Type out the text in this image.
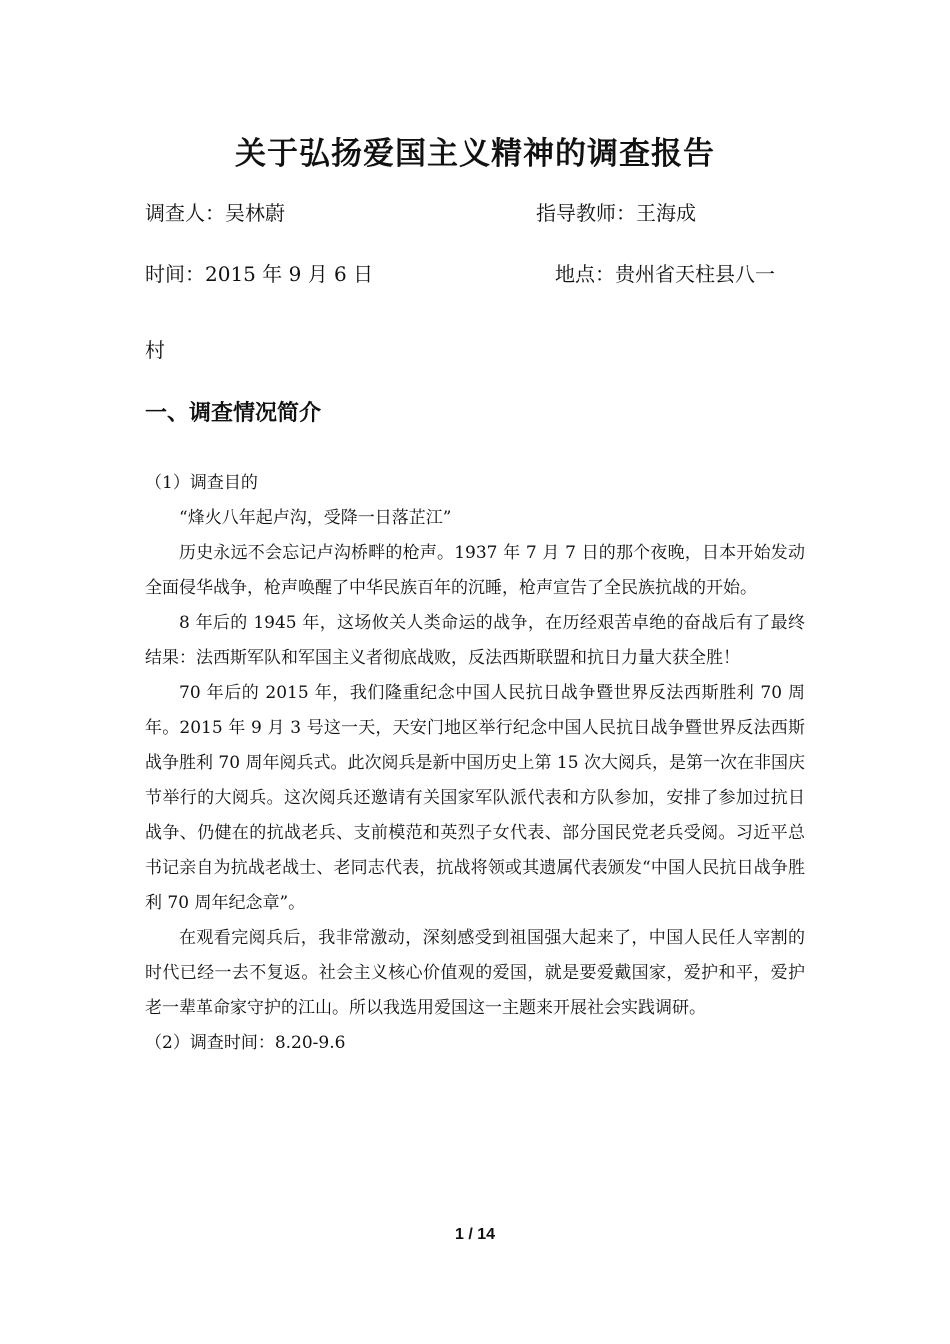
关于弘扬爱国主义精神的调查报告
调查人：吴林蔚	指导教师：王海成
时间：2015 年 9 月 6 日	地点：贵州省天柱县八一
村
一、调查情况简介

（1）调查目的

“烽火八年起卢沟，受降一日落芷江”

历史永远不会忘记卢沟桥畔的枪声。1937 年 7 月 7 日的那个夜晚，日本开始发动全面侵华战争，枪声唤醒了中华民族百年的沉睡，枪声宣告了全民族抗战的开始。

8 年后的 1945 年，这场攸关人类命运的战争，在历经艰苦卓绝的奋战后有了最终结果：法西斯军队和军国主义者彻底战败，反法西斯联盟和抗日力量大获全胜！

70 年后的 2015 年，我们隆重纪念中国人民抗日战争暨世界反法西斯胜利 70 周年。2015 年 9 月 3 号这一天，天安门地区举行纪念中国人民抗日战争暨世界反法西斯战争胜利 70 周年阅兵式。此次阅兵是新中国历史上第 15 次大阅兵，是第一次在非国庆节举行的大阅兵。这次阅兵还邀请有关国家军队派代表和方队参加，安排了参加过抗日战争、仍健在的抗战老兵、支前模范和英烈子女代表、部分国民党老兵受阅。习近平总书记亲自为抗战老战士、老同志代表，抗战将领或其遗属代表颁发“中国人民抗日战争胜利 70 周年纪念章”。

在观看完阅兵后，我非常激动，深刻感受到祖国强大起来了，中国人民任人宰割的时代已经一去不复返。社会主义核心价值观的爱国，就是要爱戴国家，爱护和平，爱护老一辈革命家守护的江山。所以我选用爱国这一主题来开展社会实践调研。

（2）调查时间：8.20-9.6

1 / 14
